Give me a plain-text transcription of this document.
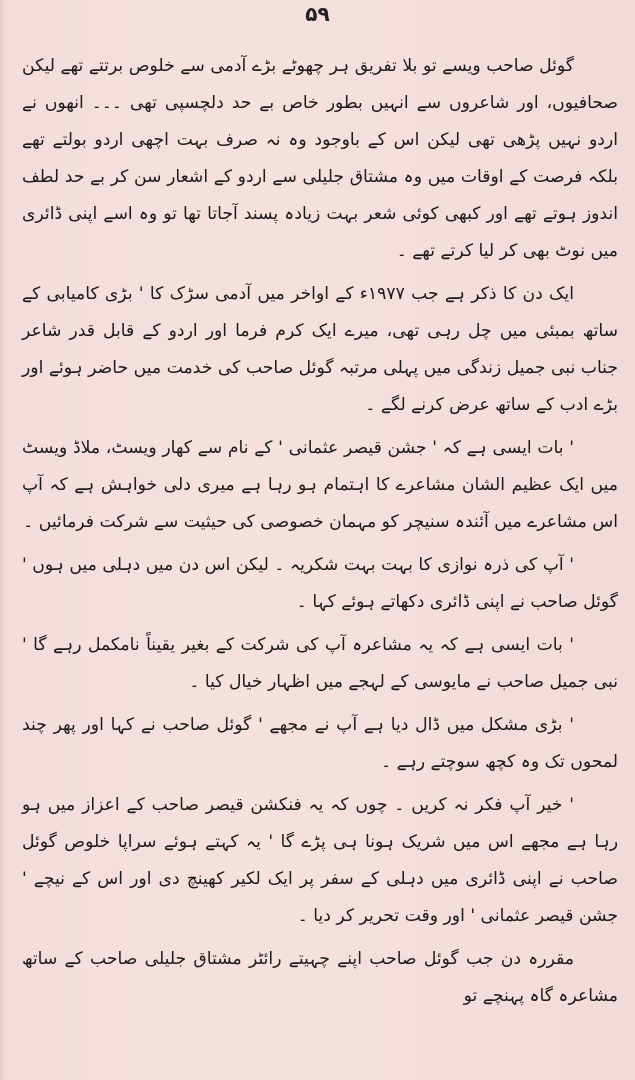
۵۹

گوئل صاحب ویسے تو بلا تفریق ہر چھوٹے بڑے آدمی سے خلوص برتتے تھے لیکن صحافیوں، اور شاعروں سے انہیں بطور خاص بے حد دلچسپی تھی ۔۔۔ انھوں نے اردو نہیں پڑھی تھی لیکن اس کے باوجود وہ نہ صرف بہت اچھی اردو بولتے تھے بلکہ فرصت کے اوقات میں وہ مشتاق جلیلی سے اردو کے اشعار سن کر بے حد لطف اندوز ہوتے تھے اور کبھی کوئی شعر بہت زیادہ پسند آجاتا تھا تو وہ اسے اپنی ڈائری میں نوٹ بھی کر لیا کرتے تھے ۔

ایک دن کا ذکر ہے جب ۱۹۷۷ء کے اواخر میں آدمی سڑک کا ' بڑی کامیابی کے ساتھ بمبئی میں چل رہی تھی، میرے ایک کرم فرما اور اردو کے قابل قدر شاعر جناب نبی جمیل زندگی میں پہلی مرتبہ گوئل صاحب کی خدمت میں حاضر ہوئے اور بڑے ادب کے ساتھ عرض کرنے لگے ۔

' بات ایسی ہے کہ ' جشن قیصر عثمانی ' کے نام سے کھار ویسٹ، ملاڈ ویسٹ میں ایک عظیم الشان مشاعرے کا اہتمام ہو رہا ہے میری دلی خواہش ہے کہ آپ اس مشاعرے میں آئندہ سنیچر کو مہمان خصوصی کی حیثیت سے شرکت فرمائیں ۔

' آپ کی ذرہ نوازی کا بہت بہت شکریہ ۔ لیکن اس دن میں دہلی میں ہوں ' گوئل صاحب نے اپنی ڈائری دکھاتے ہوئے کہا ۔

' بات ایسی ہے کہ یہ مشاعرہ آپ کی شرکت کے بغیر یقیناً نامکمل رہے گا ' نبی جمیل صاحب نے مایوسی کے لہجے میں اظہار خیال کیا ۔

' بڑی مشکل میں ڈال دیا ہے آپ نے مجھے ' گوئل صاحب نے کہا اور پھر چند لمحوں تک وہ کچھ سوچتے رہے ۔

' خیر آپ فکر نہ کریں ۔ چوں کہ یہ فنکشن قیصر صاحب کے اعزاز میں ہو رہا ہے مجھے اس میں شریک ہونا ہی پڑے گا ' یہ کہتے ہوئے سراپا خلوص گوئل صاحب نے اپنی ڈائری میں دہلی کے سفر پر ایک لکیر کھینچ دی اور اس کے نیچے ' جشن قیصر عثمانی ' اور وقت تحریر کر دیا ۔

مقررہ دن جب گوئل صاحب اپنے چہیتے رائٹر مشتاق جلیلی صاحب کے ساتھ مشاعرہ گاہ پہنچے تو
